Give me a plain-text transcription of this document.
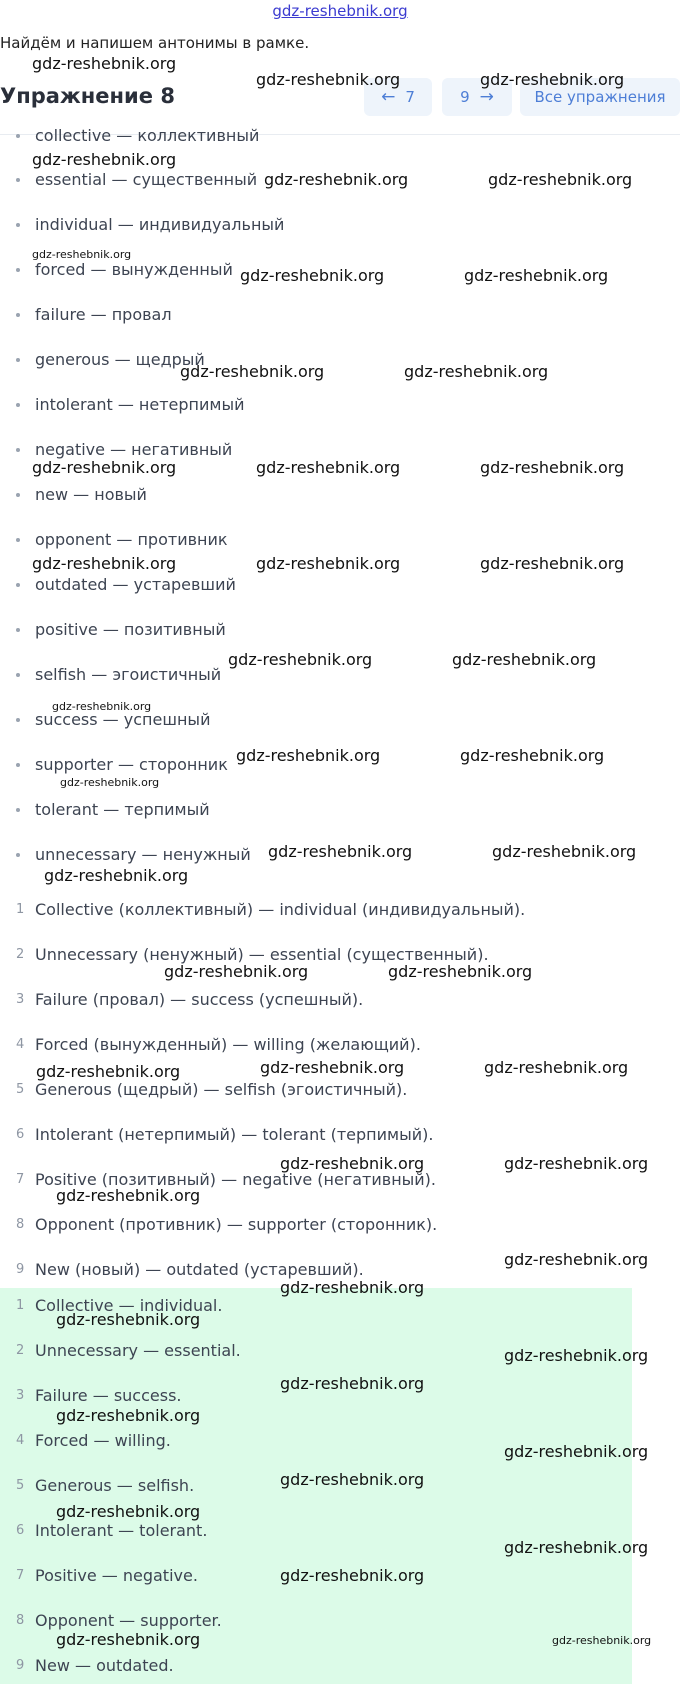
gdz-reshebnik.org
Найдём и напишем антонимы в рамке.
Упражнение 8	← 7	9 →	Все упражнения
collective — коллективный
essential — существенный
individual — индивидуальный
forced — вынужденный
failure — провал
generous — щедрый
intolerant — нетерпимый
negative — негативный
new — новый
opponent — противник
outdated — устаревший
positive — позитивный
selfish — эгоистичный
success — успешный
supporter — сторонник
tolerant — терпимый
unnecessary — ненужный
1 Collective (коллективный) — individual (индивидуальный).
2 Unnecessary (ненужный) — essential (существенный).
3 Failure (провал) — success (успешный).
4 Forced (вынужденный) — willing (желающий).
5 Generous (щедрый) — selfish (эгоистичный).
6 Intolerant (нетерпимый) — tolerant (терпимый).
7 Positive (позитивный) — negative (негативный).
8 Opponent (противник) — supporter (сторонник).
9 New (новый) — outdated (устаревший).
1 Collective — individual.
2 Unnecessary — essential.
3 Failure — success.
4 Forced — willing.
5 Generous — selfish.
6 Intolerant — tolerant.
7 Positive — negative.
8 Opponent — supporter.
9 New — outdated.
gdz-reshebnik.org
gdz-reshebnik.org	gdz-reshebnik.org
gdz-reshebnik.org
gdz-reshebnik.org	gdz-reshebnik.org
gdz-reshebnik.org
gdz-reshebnik.org	gdz-reshebnik.org
gdz-reshebnik.org	gdz-reshebnik.org
gdz-reshebnik.org	gdz-reshebnik.org	gdz-reshebnik.org
gdz-reshebnik.org	gdz-reshebnik.org	gdz-reshebnik.org
gdz-reshebnik.org	gdz-reshebnik.org
gdz-reshebnik.org
gdz-reshebnik.org	gdz-reshebnik.org
gdz-reshebnik.org
gdz-reshebnik.org	gdz-reshebnik.org
gdz-reshebnik.org
gdz-reshebnik.org	gdz-reshebnik.org
gdz-reshebnik.org	gdz-reshebnik.org	gdz-reshebnik.org
gdz-reshebnik.org	gdz-reshebnik.org
gdz-reshebnik.org
gdz-reshebnik.org
gdz-reshebnik.org
gdz-reshebnik.org
gdz-reshebnik.org
gdz-reshebnik.org
gdz-reshebnik.org
gdz-reshebnik.org
gdz-reshebnik.org
gdz-reshebnik.org
gdz-reshebnik.org
gdz-reshebnik.org
gdz-reshebnik.org	gdz-reshebnik.org
